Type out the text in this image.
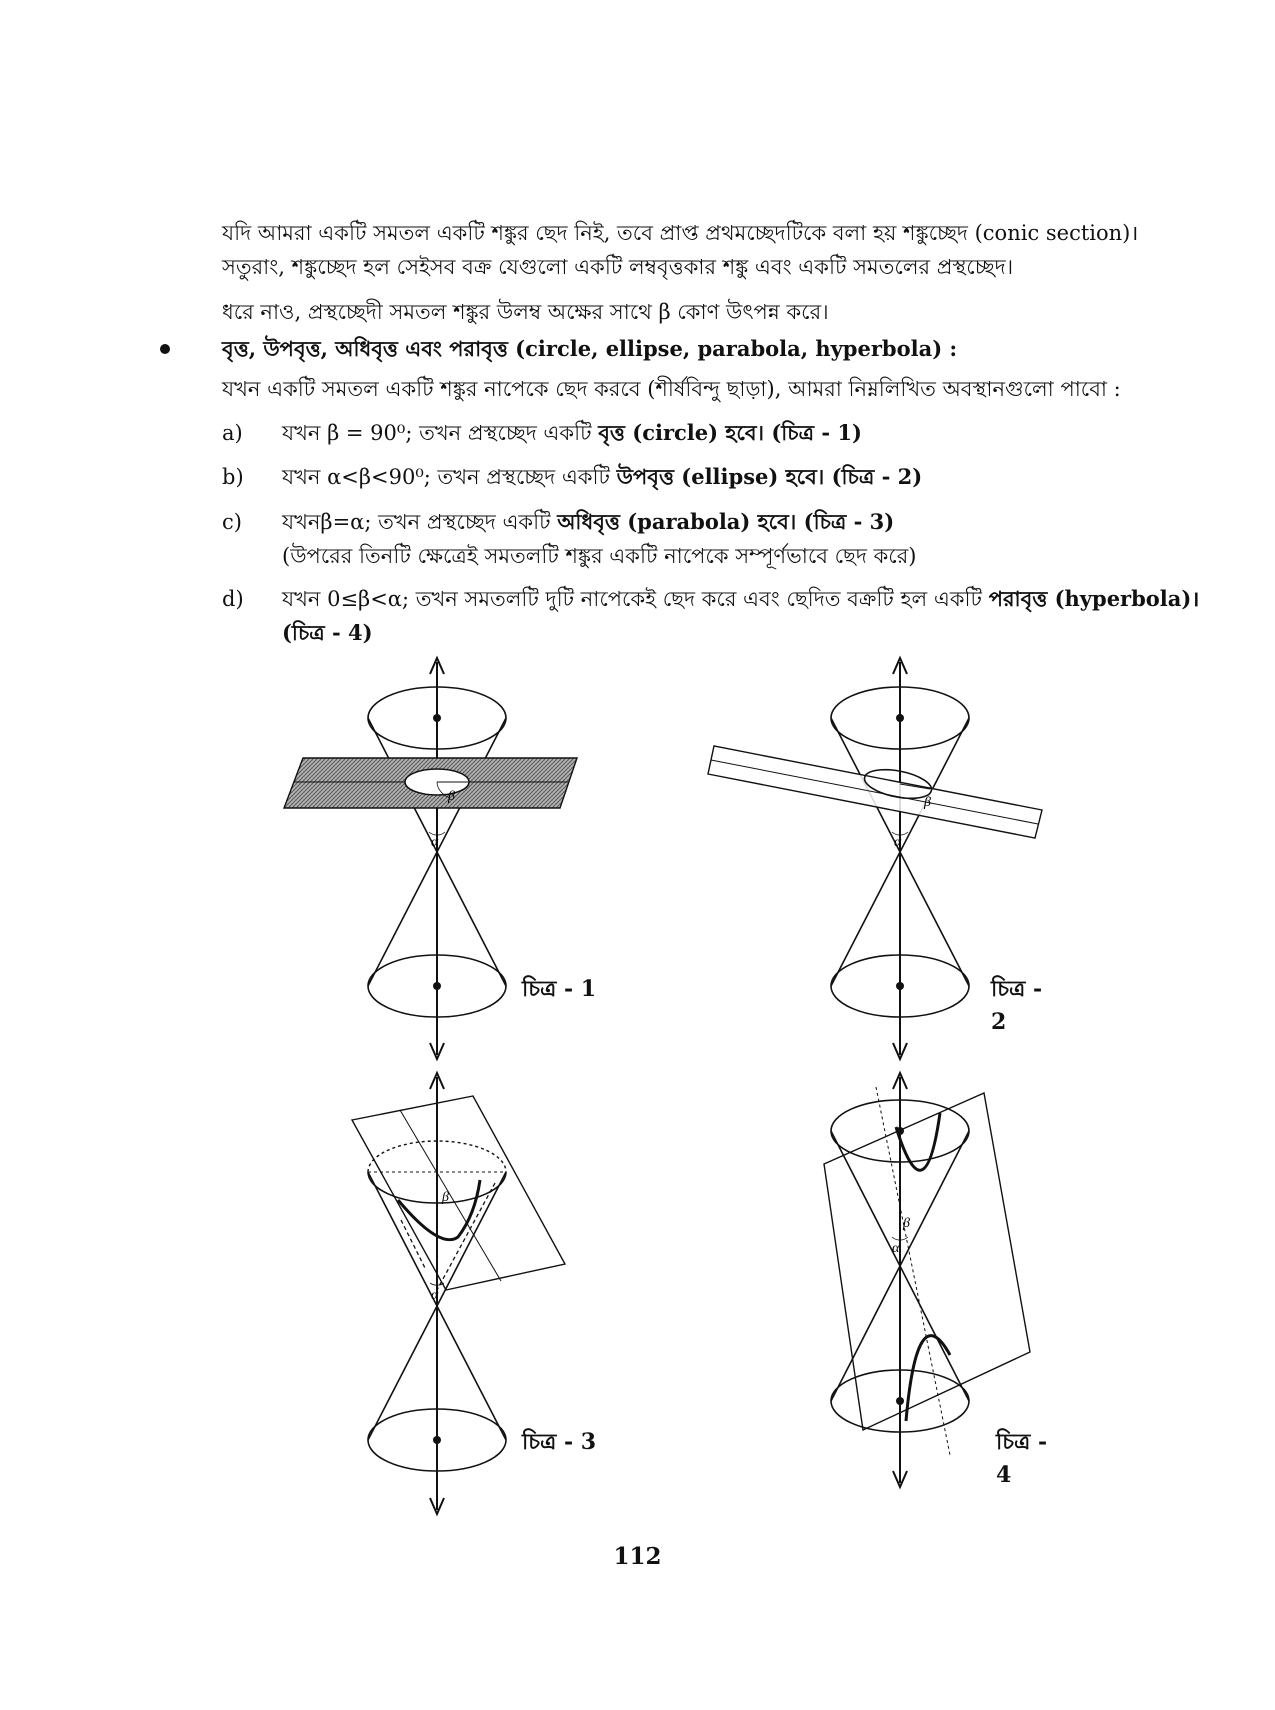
যদি আমরা একটি সমতল একটি শঙ্কুর ছেদ নিই, তবে প্রাপ্ত প্রথমচ্ছেদটিকে বলা হয় শঙ্কুচ্ছেদ (conic section)।
সতুরাং, শঙ্কুচ্ছেদ হল সেইসব বক্র যেগুলো একটি লম্ববৃত্তকার শঙ্কু এবং একটি সমতলের প্রস্থচ্ছেদ।
ধরে নাও, প্রস্থচ্ছেদী সমতল শঙ্কুর উলম্ব অক্ষের সাথে β কোণ উৎপন্ন করে।
বৃত্ত, উপবৃত্ত, অধিবৃত্ত এবং পরাবৃত্ত (circle, ellipse, parabola, hyperbola) :
যখন একটি সমতল একটি শঙ্কুর নাপেকে ছেদ করবে (শীর্ষবিন্দু ছাড়া), আমরা নিম্নলিখিত অবস্থানগুলো পাবো :
a) যখন β = 90⁰; তখন প্রস্থচ্ছেদ একটি বৃত্ত (circle) হবে। (চিত্র - 1)
b) যখন α<β<90⁰; তখন প্রস্থচ্ছেদ একটি উপবৃত্ত (ellipse) হবে। (চিত্র - 2)
c) যখনβ=α; তখন প্রস্থচ্ছেদ একটি অধিবৃত্ত (parabola) হবে। (চিত্র - 3)
(উপরের তিনটি ক্ষেত্রেই সমতলটি শঙ্কুর একটি নাপেকে সম্পূর্ণভাবে ছেদ করে)
d) যখন 0≤β<α; তখন সমতলটি দুটি নাপেকেই ছেদ করে এবং ছেদিত বক্রটি হল একটি পরাবৃত্ত (hyperbola)।
(চিত্র - 4)
β
α
চিত্র - 1
β
α
চিত্র - 2
β
α
চিত্র - 3
β
α
চিত্র - 4
112
